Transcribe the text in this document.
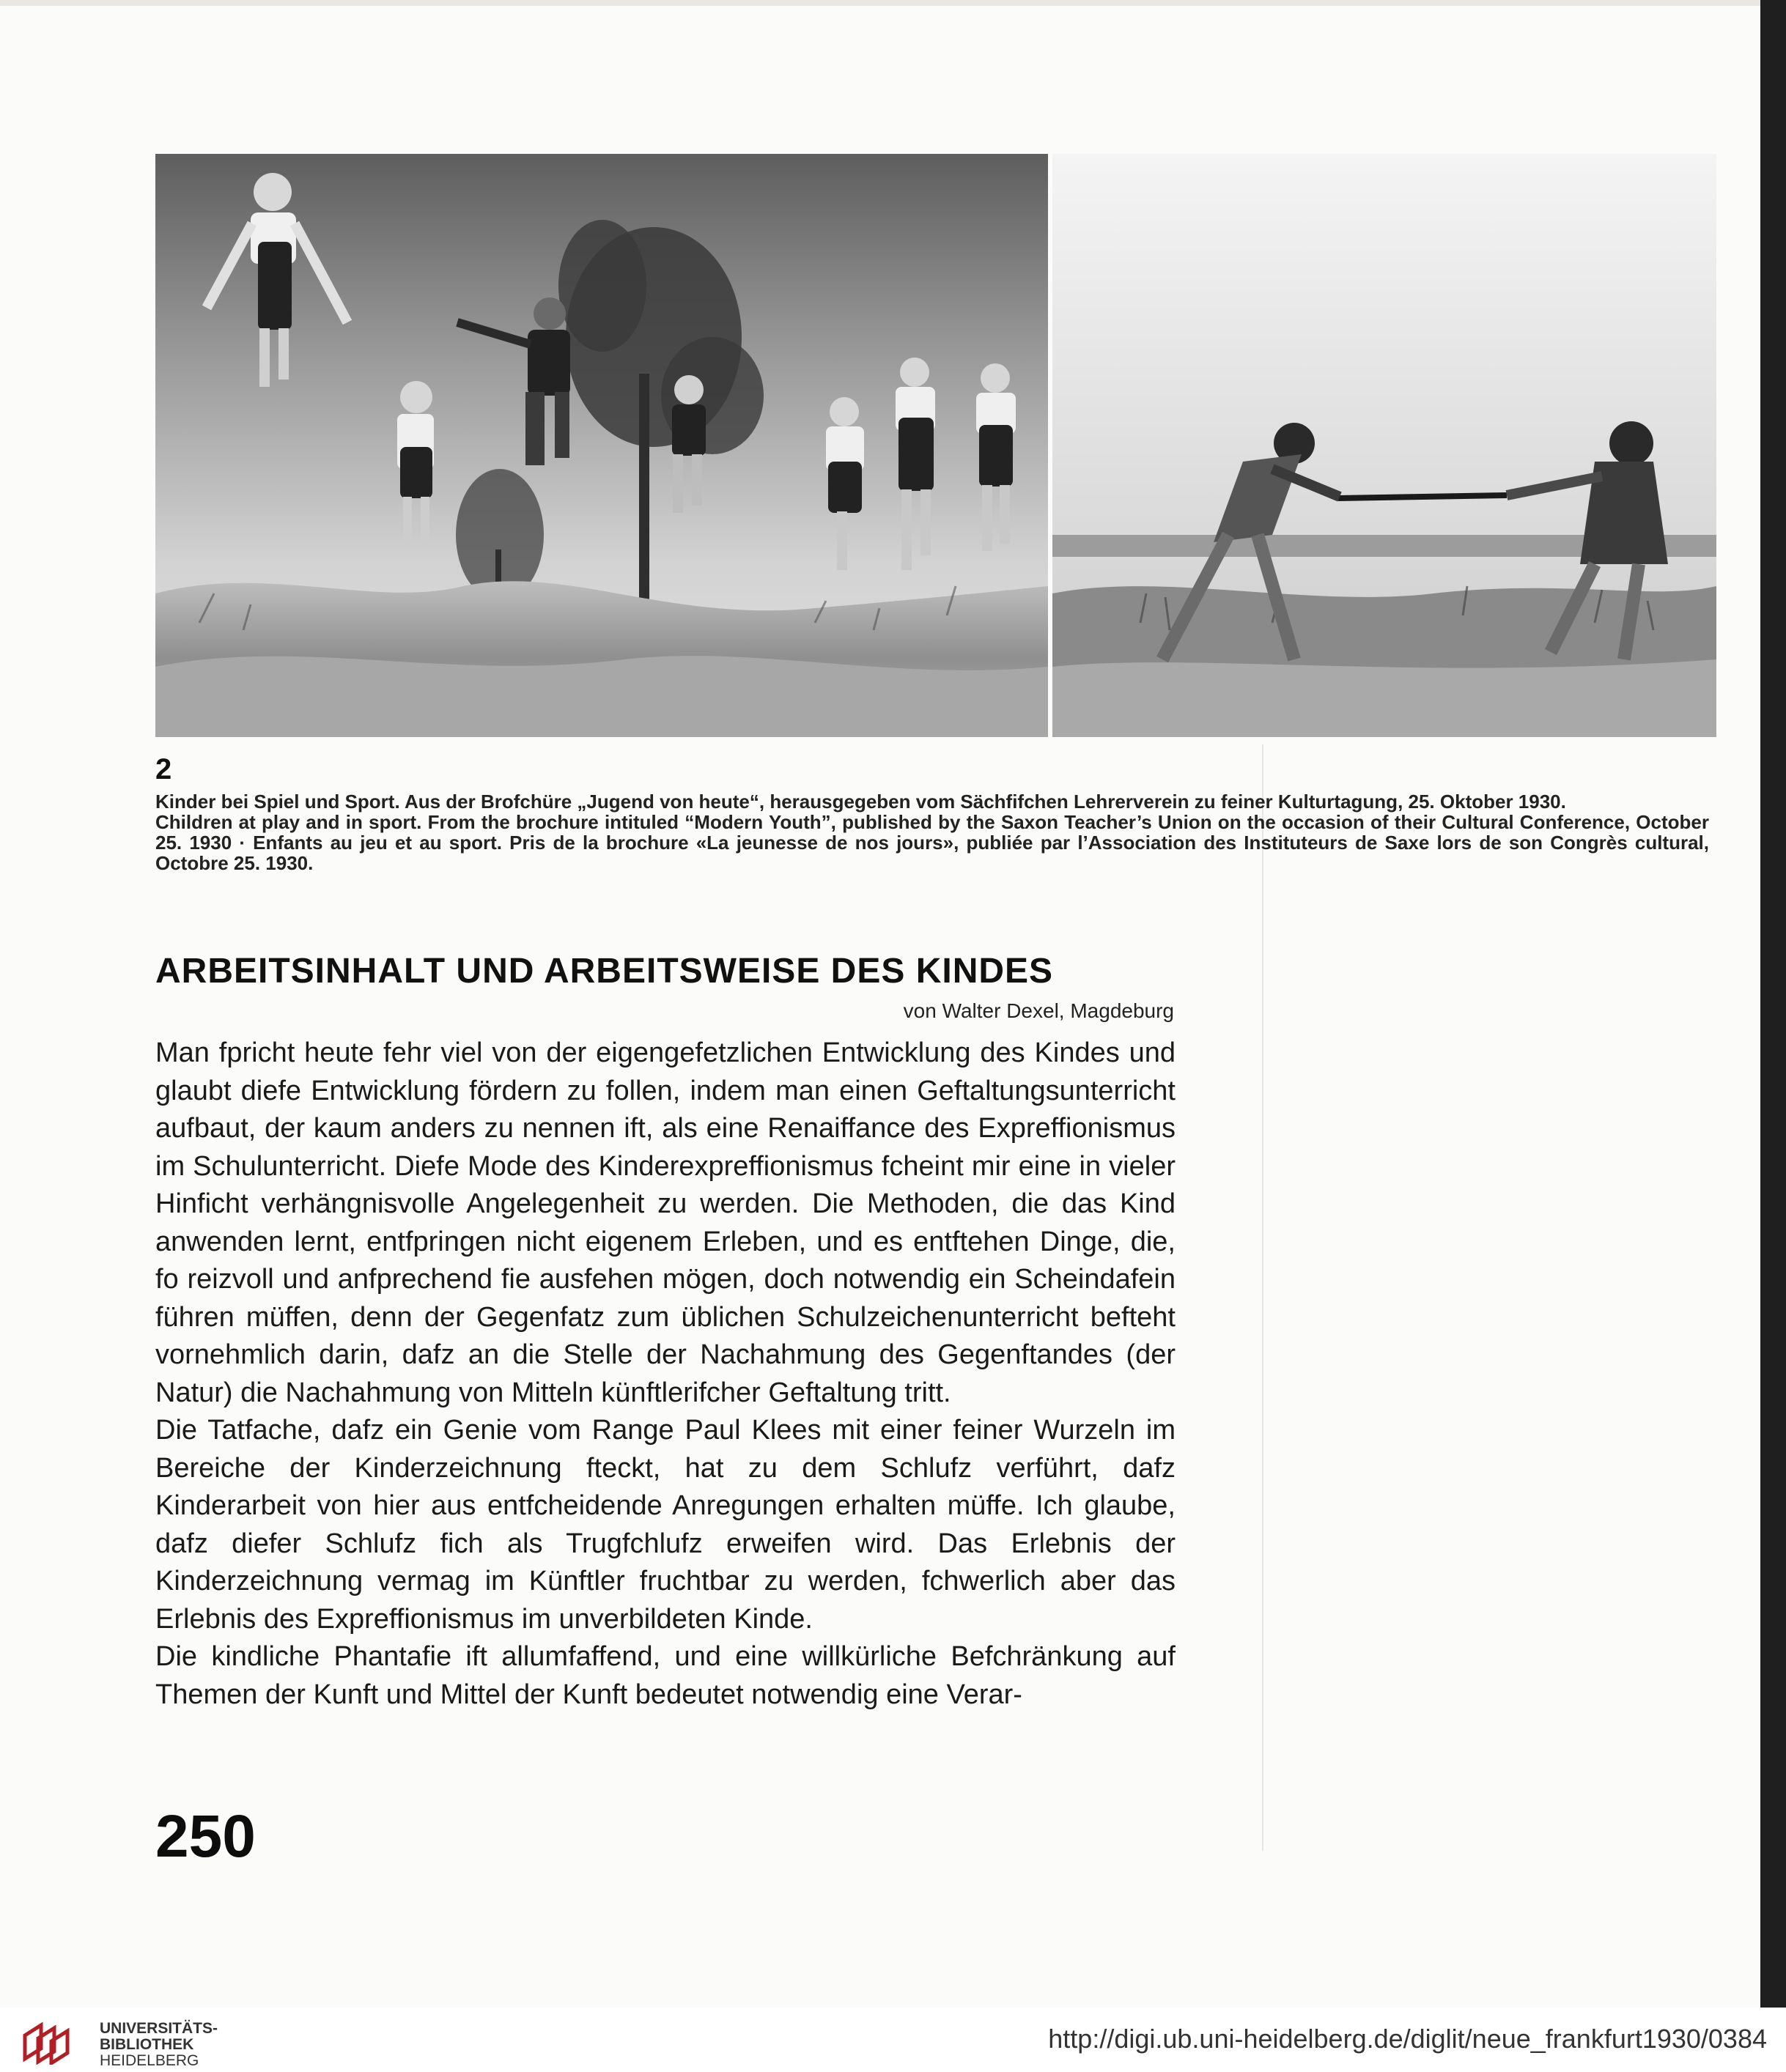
2

Kinder bei Spiel und Sport. Aus der Brofchüre „Jugend von heute“, herausgegeben vom Sächfifchen Lehrerverein zu feiner Kulturtagung, 25. Oktober 1930.

Children at play and in sport. From the brochure intituled “Modern Youth”, published by the Saxon Teacher’s Union on the occasion of their Cultural Conference, October 25. 1930 · Enfants au jeu et au sport. Pris de la brochure «La jeunesse de nos jours», publiée par l’Association des Instituteurs de Saxe lors de son Congrès cultural, Octobre 25. 1930.

ARBEITSINHALT UND ARBEITSWEISE DES KINDES
von Walter Dexel, Magdeburg

Man fpricht heute fehr viel von der eigengefetzlichen Entwicklung des Kindes und glaubt diefe Entwicklung fördern zu follen, indem man einen Geftaltungsunterricht aufbaut, der kaum anders zu nennen ift, als eine Renaiffance des Expreffionismus im Schulunterricht. Diefe Mode des Kinderexpreffionismus fcheint mir eine in vieler Hinficht verhängnisvolle Angelegenheit zu werden. Die Methoden, die das Kind anwenden lernt, entfpringen nicht eigenem Erleben, und es entftehen Dinge, die, fo reizvoll und anfprechend fie ausfehen mögen, doch notwendig ein Scheindafein führen müffen, denn der Gegenfatz zum üblichen Schulzeichenunterricht befteht vornehmlich darin, dafz an die Stelle der Nachahmung des Gegenftandes (der Natur) die Nachahmung von Mitteln künftlerifcher Geftaltung tritt.

Die Tatfache, dafz ein Genie vom Range Paul Klees mit einer feiner Wurzeln im Bereiche der Kinderzeichnung fteckt, hat zu dem Schlufz verführt, dafz Kinderarbeit von hier aus entfcheidende Anregungen erhalten müffe. Ich glaube, dafz diefer Schlufz fich als Trugfchlufz erweifen wird. Das Erlebnis der Kinderzeichnung vermag im Künftler fruchtbar zu werden, fchwerlich aber das Erlebnis des Expreffionismus im unverbildeten Kinde.

Die kindliche Phantafie ift allumfaffend, und eine willkürliche Befchränkung auf Themen der Kunft und Mittel der Kunft bedeutet notwendig eine Verar-

250
UNIVERSITÄTS-
BIBLIOTHEK
HEIDELBERG
http://digi.ub.uni-heidelberg.de/diglit/neue_frankfurt1930/0384
